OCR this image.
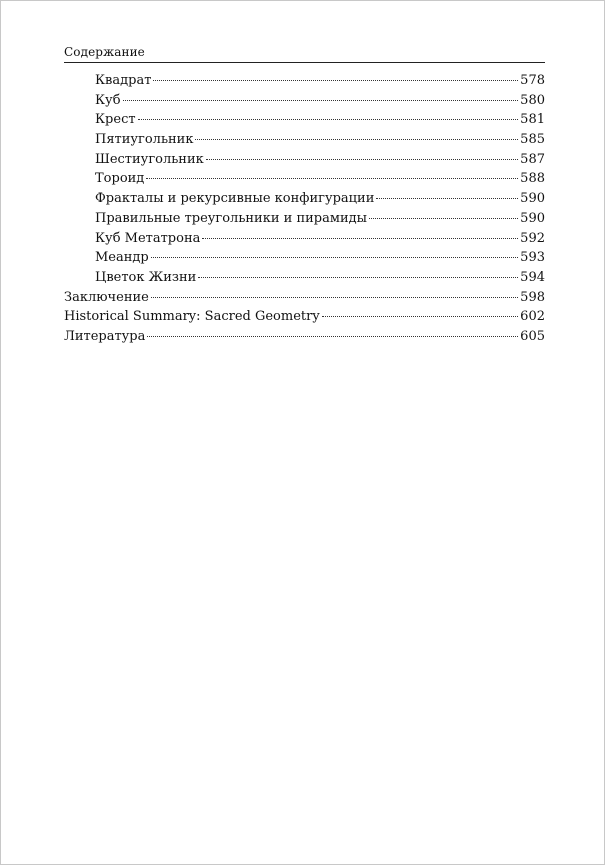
Содержание
Квадрат	578
Куб	580
Крест	581
Пятиугольник	585
Шестиугольник	587
Тороид	588
Фракталы и рекурсивные конфигурации	590
Правильные треугольники и пирамиды	590
Куб Метатрона	592
Меандр	593
Цветок Жизни	594
Заключение	598
Historical Summary: Sacred Geometry	602
Литература	605
